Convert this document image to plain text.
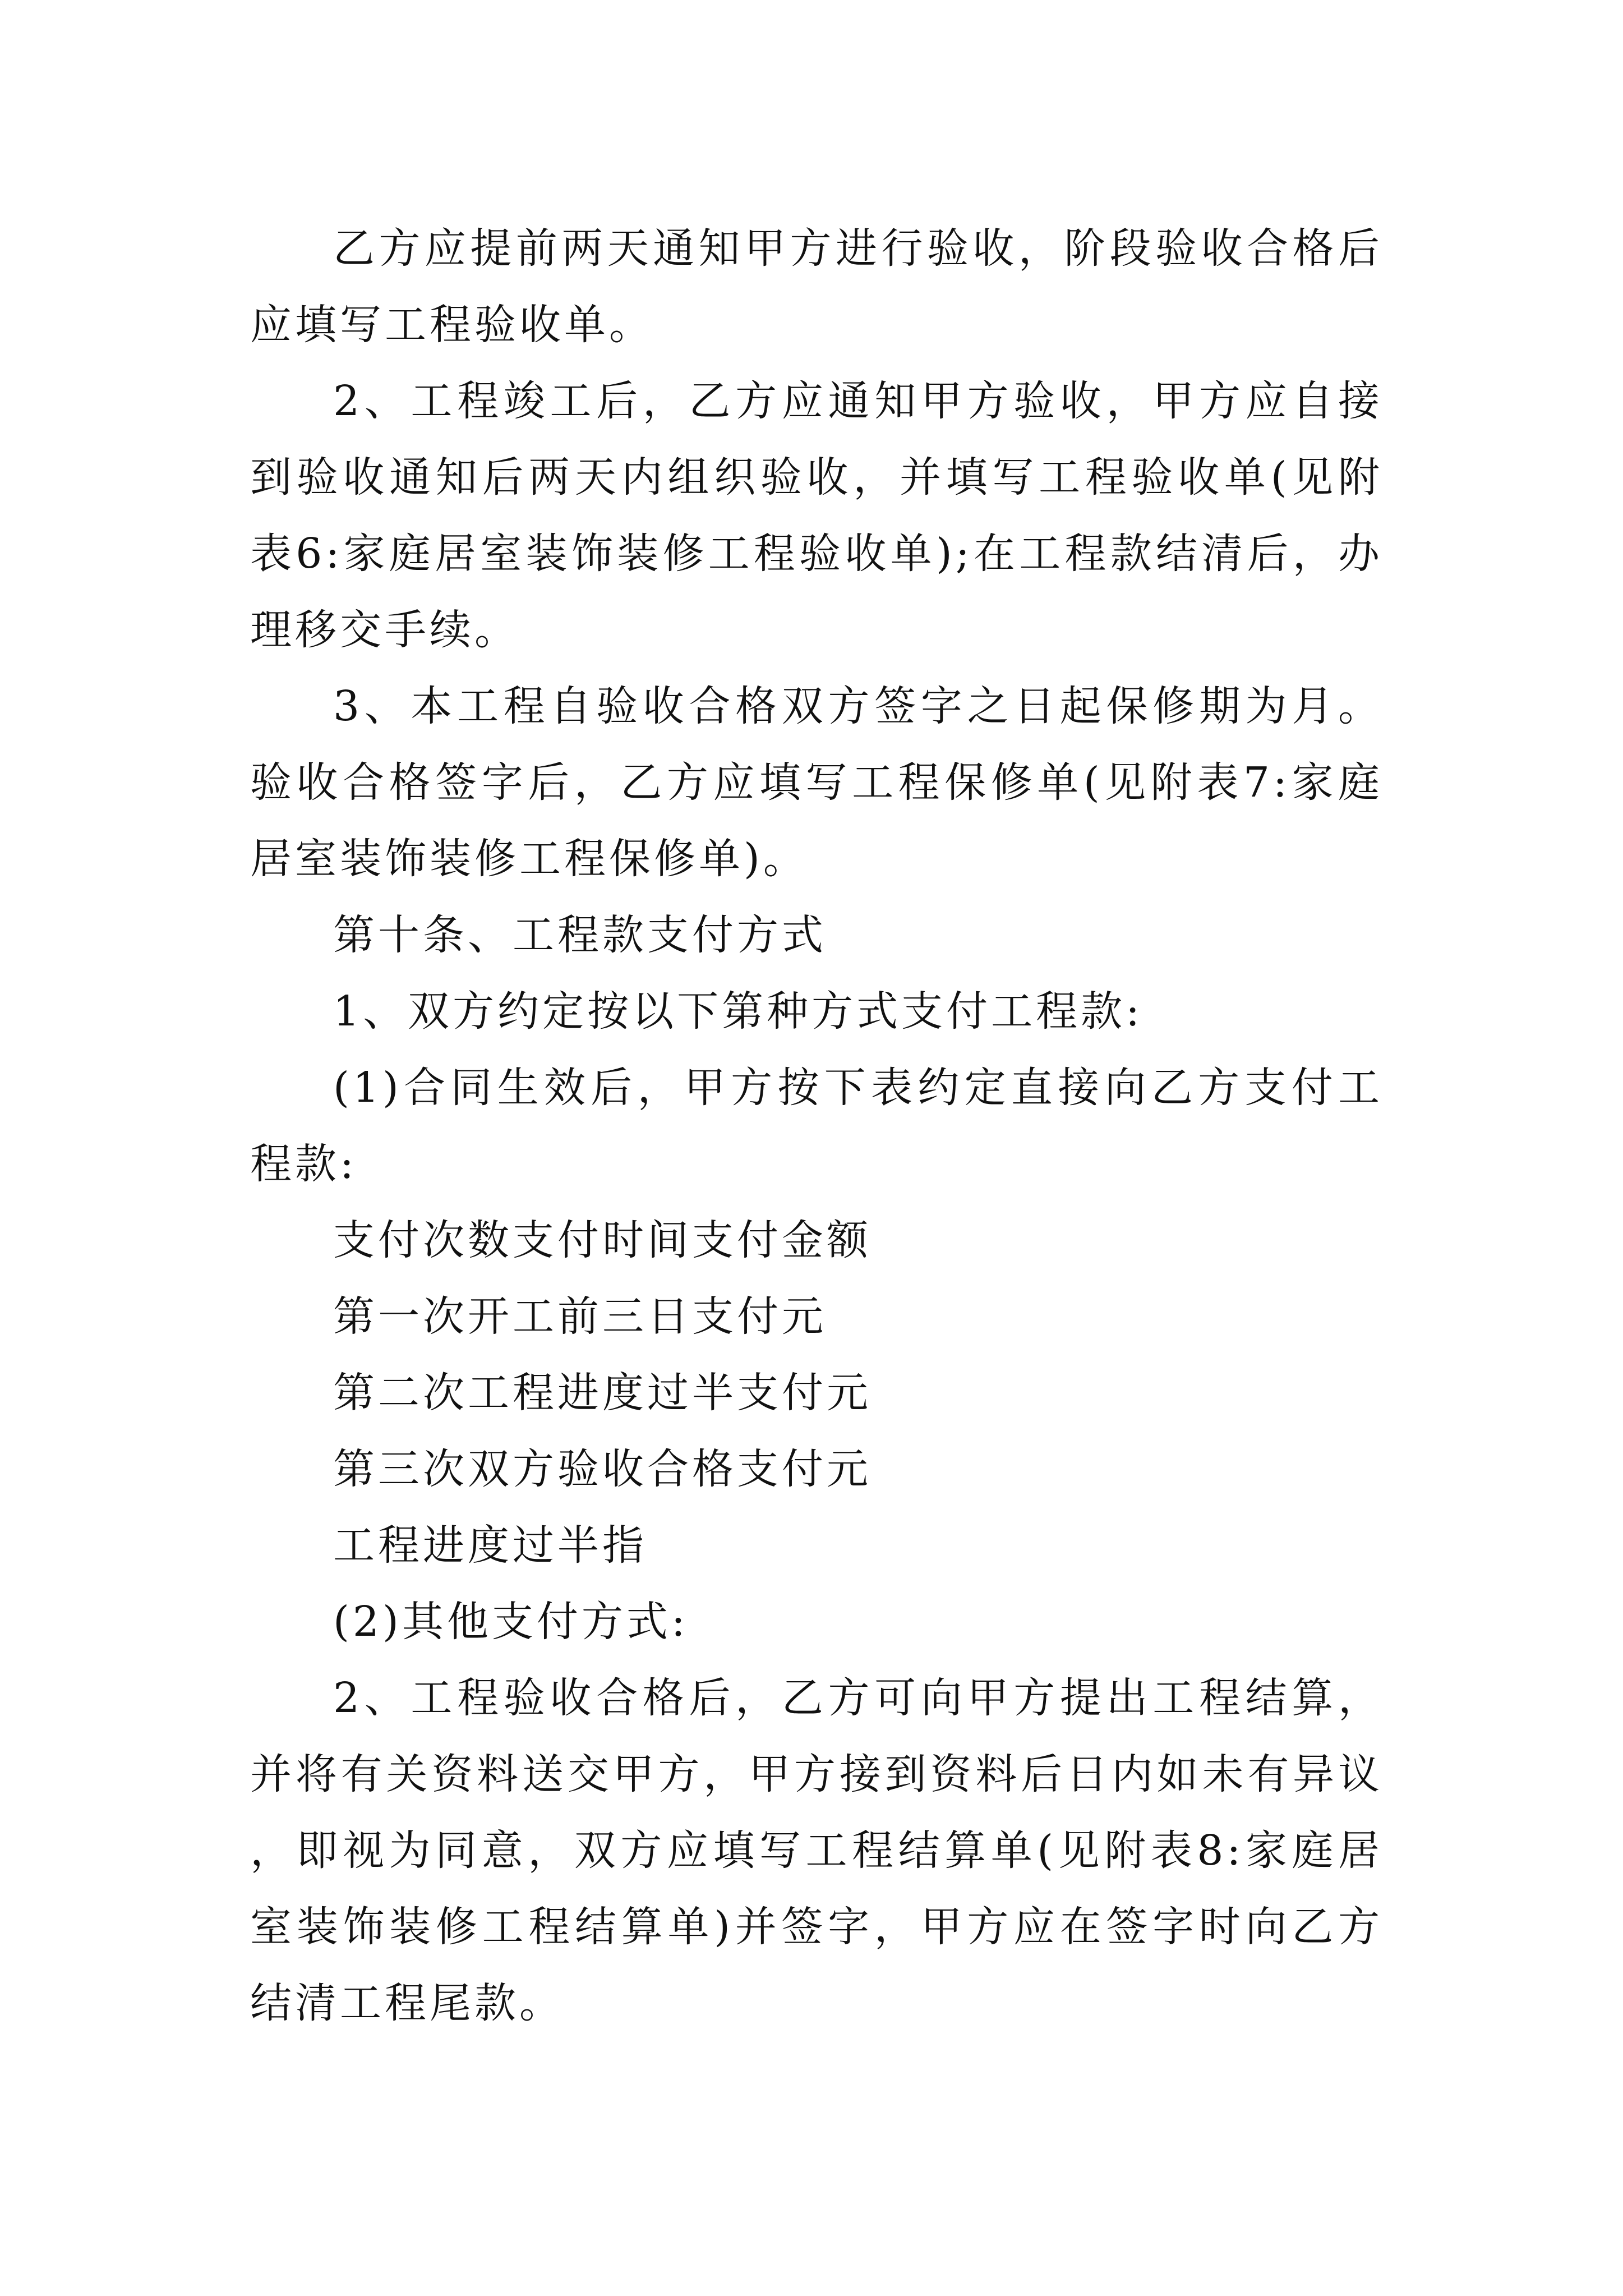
乙方应提前两天通知甲方进行验收，阶段验收合格后应填写工程验收单。

2、工程竣工后，乙方应通知甲方验收，甲方应自接到验收通知后两天内组织验收，并填写工程验收单(见附表6:家庭居室装饰装修工程验收单);在工程款结清后，办理移交手续。

3、本工程自验收合格双方签字之日起保修期为月。验收合格签字后，乙方应填写工程保修单(见附表7:家庭居室装饰装修工程保修单)。

第十条、工程款支付方式

1、双方约定按以下第种方式支付工程款:

(1)合同生效后，甲方按下表约定直接向乙方支付工程款:

支付次数支付时间支付金额

第一次开工前三日支付元

第二次工程进度过半支付元

第三次双方验收合格支付元

工程进度过半指

(2)其他支付方式:

2、工程验收合格后，乙方可向甲方提出工程结算，并将有关资料送交甲方，甲方接到资料后日内如未有异议，即视为同意，双方应填写工程结算单(见附表8:家庭居室装饰装修工程结算单)并签字，甲方应在签字时向乙方结清工程尾款。
